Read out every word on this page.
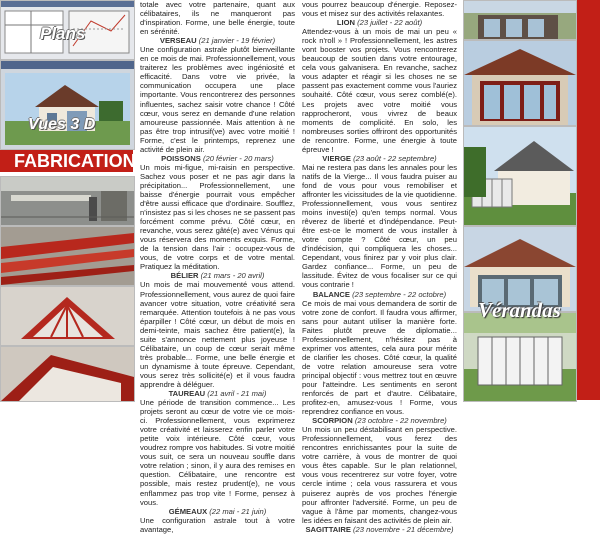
Plans
Vues 3 D
FABRICATION

totale avec votre partenaire, quant aux célibataires, ils ne manqueront pas d'inspiration. Forme, une belle énergie, toute en sérénité.

VERSEAU (21 janvier - 19 février)

Une configuration astrale plutôt bienveillante en ce mois de mai. Professionnellement, vous traiterez les problèmes avec ingéniosité et efficacité. Dans votre vie privée, la communication occupera une place importante. Vous rencontrerez des personnes influentes, sachez saisir votre chance ! Côté cœur, vous serez en demande d'une relation amoureuse passionnée. Mais attention à ne pas être trop intrusif(ve) avec votre moitié ! Forme, c'est le printemps, reprenez une activité de plein air.

POISSONS (20 février - 20 mars)

Un mois mi-figue, mi-raisin en perspective. Sachez vous poser et ne pas agir dans la précipitation... Professionnellement, une baisse d'énergie pourrait vous empêcher d'être aussi efficace que d'ordinaire. Soufflez, n'insistez pas si les choses ne se passent pas forcément comme prévu. Côté cœur, en revanche, vous serez gâté(e) avec Vénus qui vous réservera des moments exquis. Forme, de la tension dans l'air : occupez-vous de vous, de votre corps et de votre mental. Pratiquez la méditation.

BÉLIER (21 mars - 20 avril)

Un mois de mai mouvementé vous attend. Professionnellement, vous aurez de quoi faire avancer votre situation, votre créativité sera remarquée. Attention toutefois à ne pas vous éparpiller ! Côté cœur, un début de mois en demi-teinte, mais sachez être patient(e), la suite s'annonce nettement plus joyeuse ! Célibataire, un coup de cœur serait même très probable... Forme, une belle énergie et un dynamisme à toute épreuve. Cependant, vous serez très sollicité(e) et il vous faudra apprendre à déléguer.

TAUREAU (21 avril - 21 mai)

Une période de transition commence... Les projets seront au cœur de votre vie ce mois-ci. Professionnellement, vous exprimerez votre créativité et laisserez enfin parler votre petite voix intérieure. Côté cœur, vous voudrez rompre vos habitudes. Si votre moitié vous suit, ce sera un nouveau souffle dans votre relation ; sinon, il y aura des remises en question. Célibataire, une rencontre est possible, mais restez prudent(e), ne vous enflammez pas trop vite ! Forme, pensez à vous.

GÉMEAUX (22 mai - 21 juin)

Une configuration astrale tout à votre avantage,

vous pourrez beaucoup d'énergie. Reposez-vous et misez sur des activités relaxantes.

LION (23 juillet - 22 août)

Attendez-vous à un mois de mai un peu « rock n'roll » ! Professionnellement, les astres vont booster vos projets. Vous rencontrerez beaucoup de soutien dans votre entourage, cela vous galvanisera. En revanche, sachez vous adapter et réagir si les choses ne se passent pas exactement comme vous l'auriez souhaité. Côté cœur, vous serez comblé(e). Les projets avec votre moitié vous rapprocheront, vous vivrez de beaux moments de complicité. En solo, les nombreuses sorties offriront des opportunités de rencontre. Forme, une énergie à toute épreuve !

VIERGE (23 août - 22 septembre)

Mai ne restera pas dans les annales pour les natifs de la Vierge... Il vous faudra puiser au fond de vous pour vous remobiliser et affronter les vicissitudes de la vie quotidienne. Professionnellement, vous vous sentirez moins investi(e) qu'en temps normal. Vous rêverez de liberté et d'indépendance. Peut-être est-ce le moment de vous installer à votre compte ? Côté cœur, un peu d'indécision, qui compliquera les choses... Cependant, vous finirez par y voir plus clair. Gardez confiance... Forme, un peu de lassitude. Évitez de vous focaliser sur ce qui vous contrarie !

BALANCE (23 septembre - 22 octobre)

Ce mois de mai vous demandera de sortir de votre zone de confort. Il faudra vous affirmer, sans pour autant utiliser la manière forte. Faites plutôt preuve de diplomatie... Professionnellement, n'hésitez pas à exprimer vos attentes, cela aura pour mérite de clarifier les choses. Côté cœur, la qualité de votre relation amoureuse sera votre principal objectif : vous mettrez tout en œuvre pour l'atteindre. Les sentiments en seront renforcés de part et d'autre. Célibataire, profitez-en, amusez-vous ! Forme, vous reprendrez confiance en vous.

SCORPION (23 octobre - 22 novembre)

Un mois un peu déstabilisant en perspective. Professionnellement, vous ferez des rencontres enrichissantes pour la suite de votre carrière, à vous de montrer de quoi vous êtes capable. Sur le plan relationnel, vous vous recentrerez sur votre foyer, votre cercle intime ; cela vous rassurera et vous puiserez auprès de vos proches l'énergie pour affronter l'adversité. Forme, un peu de vague à l'âme par moments, changez-vous les idées en faisant des activités de plein air.

SAGITTAIRE (23 novembre - 21 décembre)

Vérandas
